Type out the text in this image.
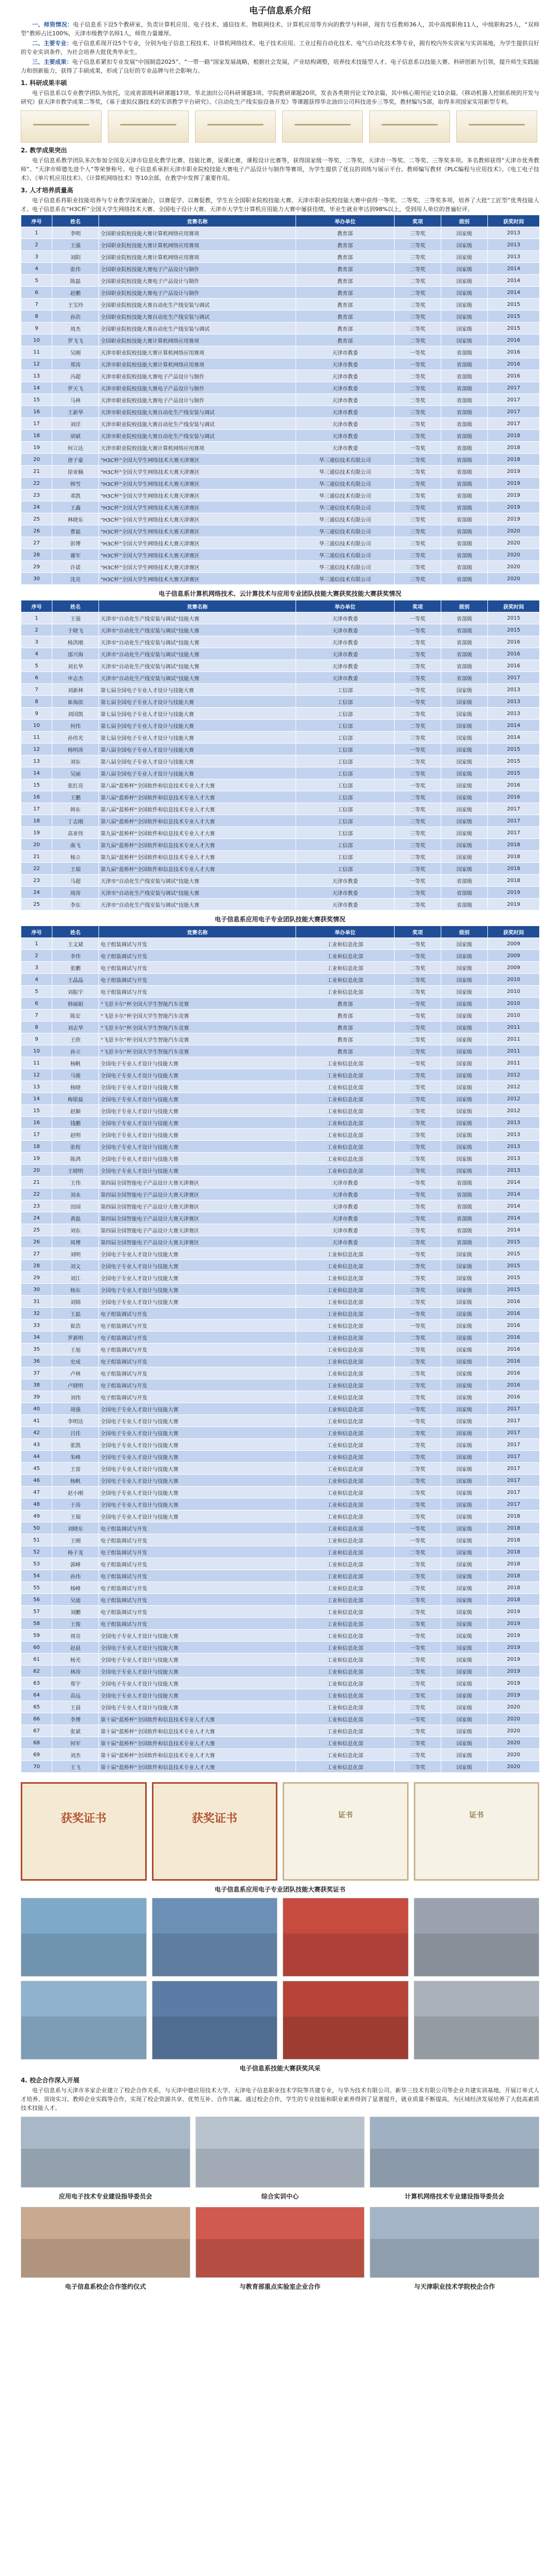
电子信息系介绍

一、师资情况：电子信息系下设5个教研室，负责计算机应用、电子技术、通信技术、物联网技术、计算机应用等方向的教学与科研，现有专任教师36人，其中高级职称11人，中级职称25人，“双师型”教师占比100%，天津市级教学名师1人，师资力量雄厚。

二、主要专业：电子信息系现开设5个专业，分别为电子信息工程技术、计算机网络技术、电子技术应用、工业过程自动化技术、电气自动化技术等专业，拥有校内外实训室与实训基地，为学生提供良好的专业实训条件，为社会培养大批优秀毕业生。

三、主要成果：电子信息系紧扣专业发展“中国制造2025”、“一带一路”国家发展战略，根据社会发展，产业结构调整，培养技术技能型人才。电子信息系以技能大赛、科研创新为引领，提升师生实践能力和创新能力，获得了丰硕成果，形成了良好的专业品牌与社会影响力。

1. 科研成果丰硕

电子信息系以专业教学团队为依托，完成省部级科研课题17项、华北油田公司科研课题3项、学院教研课题20项，发表各类期刊论文70余篇，其中核心期刊论文10余篇。《移动机器人控制系统的开发与研究》获天津市教学成果二等奖，《基于虚拟仪器技术的实训教学平台研究》、《自动化生产线实验设备开发》等课题获得华北油田公司科技进步三等奖，教材编写5部，取得多项国家实用新型专利。

2. 教学成果突出

电子信息系教学团队多次参加全国及天津市信息化教学比赛、技能比赛，说课比赛，课程设计比赛等，获得国家级一等奖、二等奖，天津市一等奖、二等奖、三等奖多项。多名教师获得“天津市优秀教师”、“天津市师德先进个人”等荣誉称号。电子信息系承担天津市职业院校技能大赛电子产品设计与制作等赛项，为学生提供了优良的训练与展示平台。教师编写教材《PLC编程与应用技术》、《电工电子技术》、《单片机应用技术》、《计算机网络技术》等10余部，在教学中发挥了重要作用。

3. 人才培养质量高

电子信息系将职业技能培养与专业教学深度融合，以赛促学、以赛促教，学生在全国职业院校技能大赛、天津市职业院校技能大赛中获得一等奖、二等奖、三等奖多项，培养了大批“工匠型”优秀技能人才。电子信息系在“H3C杯”全国大学生网络技术大赛、全国电子设计大赛、天津市大学生计算机应用能力大赛中屡获佳绩，毕业生就业率达到98%以上，受到用人单位的普遍好评。

序号	姓名	竞赛名称	举办单位	奖项	级别	获奖时间
1	李明	全国职业院校技能大赛计算机网络应用赛项	教育部	三等奖	国家级	2013
2	王强	全国职业院校技能大赛计算机网络应用赛项	教育部	三等奖	国家级	2013
3	刘阳	全国职业院校技能大赛计算机网络应用赛项	教育部	三等奖	国家级	2013
4	张伟	全国职业院校技能大赛电子产品设计与制作	教育部	二等奖	国家级	2014
5	陈磊	全国职业院校技能大赛电子产品设计与制作	教育部	二等奖	国家级	2014
6	赵鹏	全国职业院校技能大赛电子产品设计与制作	教育部	二等奖	国家级	2014
7	王宝玲	全国职业院校技能大赛自动化生产线安装与调试	教育部	三等奖	国家级	2015
8	孙浩	全国职业院校技能大赛自动化生产线安装与调试	教育部	三等奖	国家级	2015
9	周杰	全国职业院校技能大赛自动化生产线安装与调试	教育部	三等奖	国家级	2015
10	罗飞飞	全国职业院校技能大赛计算机网络应用赛项	教育部	二等奖	国家级	2016
11	吴刚	天津市职业院校技能大赛计算机网络应用赛项	天津市教委	一等奖	省部级	2016
12	郑涛	天津市职业院校技能大赛计算机网络应用赛项	天津市教委	一等奖	省部级	2016
13	冯超	天津市职业院校技能大赛电子产品设计与制作	天津市教委	二等奖	省部级	2016
14	罗天飞	天津市职业院校技能大赛电子产品设计与制作	天津市教委	二等奖	省部级	2017
15	马林	天津市职业院校技能大赛电子产品设计与制作	天津市教委	二等奖	省部级	2017
16	王新华	天津市职业院校技能大赛自动化生产线安装与调试	天津市教委	三等奖	省部级	2017
17	刘洋	天津市职业院校技能大赛自动化生产线安装与调试	天津市教委	三等奖	省部级	2017
18	胡斌	天津市职业院校技能大赛自动化生产线安装与调试	天津市教委	三等奖	省部级	2018
19	何立达	天津市职业院校技能大赛计算机网络应用赛项	天津市教委	一等奖	省部级	2018
20	唐子豪	“H3C杯”全国大学生网络技术大赛天津赛区	华三通信技术有限公司	二等奖	省部级	2018
21	徐亚楠	“H3C杯”全国大学生网络技术大赛天津赛区	华三通信技术有限公司	二等奖	省部级	2019
22	韩雪	“H3C杯”全国大学生网络技术大赛天津赛区	华三通信技术有限公司	二等奖	省部级	2019
23	邓凯	“H3C杯”全国大学生网络技术大赛天津赛区	华三通信技术有限公司	三等奖	省部级	2019
24	王鑫	“H3C杯”全国大学生网络技术大赛天津赛区	华三通信技术有限公司	三等奖	省部级	2019
25	林晓东	“H3C杯”全国大学生网络技术大赛天津赛区	华三通信技术有限公司	三等奖	省部级	2019
26	曹磊	“H3C杯”全国大学生网络技术大赛天津赛区	华三通信技术有限公司	三等奖	省部级	2020
27	彭博	“H3C杯”全国大学生网络技术大赛天津赛区	华三通信技术有限公司	三等奖	省部级	2020
28	谢军	“H3C杯”全国大学生网络技术大赛天津赛区	华三通信技术有限公司	三等奖	省部级	2020
29	许诺	“H3C杯”全国大学生网络技术大赛天津赛区	华三通信技术有限公司	三等奖	省部级	2020
30	沈亮	“H3C杯”全国大学生网络技术大赛天津赛区	华三通信技术有限公司	三等奖	省部级	2020
电子信息系计算机网络技术、云计算技术与应用专业团队技能大赛获奖技能大赛获奖情况
序号	姓名	竞赛名称	举办单位	奖项	级别	获奖时间
1	王强	天津市“自动化生产线安装与调试”技能大赛	天津市教委	一等奖	省部级	2015
2	于晓飞	天津市“自动化生产线安装与调试”技能大赛	天津市教委	一等奖	省部级	2015
3	杨洪刚	天津市“自动化生产线安装与调试”技能大赛	天津市教委	二等奖	省部级	2016
4	邵兴海	天津市“自动化生产线安装与调试”技能大赛	天津市教委	二等奖	省部级	2016
5	刘长华	天津市“自动化生产线安装与调试”技能大赛	天津市教委	三等奖	省部级	2016
6	申志杰	天津市“自动化生产线安装与调试”技能大赛	天津市教委	三等奖	省部级	2017
7	刘新林	第七届全国电子专业人才设计与技能大赛	工信部	一等奖	国家级	2013
8	崔海滨	第七届全国电子专业人才设计与技能大赛	工信部	一等奖	国家级	2013
9	刘国凯	第七届全国电子专业人才设计与技能大赛	工信部	二等奖	国家级	2013
10	何伟	第七届全国电子专业人才设计与技能大赛	工信部	二等奖	国家级	2014
11	孙伟光	第七届全国电子专业人才设计与技能大赛	工信部	三等奖	国家级	2014
12	杨明涛	第八届全国电子专业人才设计与技能大赛	工信部	一等奖	国家级	2015
13	刘东	第八届全国电子专业人才设计与技能大赛	工信部	二等奖	国家级	2015
14	吴丽	第八届全国电子专业人才设计与技能大赛	工信部	三等奖	国家级	2015
15	张红亮	第八届“蓝桥杯”全国软件和信息技术专业人才大赛	工信部	一等奖	国家级	2016
16	王鹏	第八届“蓝桥杯”全国软件和信息技术专业人才大赛	工信部	二等奖	国家级	2016
17	韩东	第八届“蓝桥杯”全国软件和信息技术专业人才大赛	工信部	二等奖	国家级	2017
18	丁志刚	第八届“蓝桥杯”全国软件和信息技术专业人才大赛	工信部	三等奖	国家级	2017
19	高亚伟	第九届“蓝桥杯”全国软件和信息技术专业人才大赛	工信部	三等奖	国家级	2017
20	曲飞	第九届“蓝桥杯”全国软件和信息技术专业人才大赛	工信部	三等奖	国家级	2018
21	杨立	第九届“蓝桥杯”全国软件和信息技术专业人才大赛	工信部	三等奖	国家级	2018
22	王瑞	第九届“蓝桥杯”全国软件和信息技术专业人才大赛	工信部	三等奖	国家级	2018
23	马超	天津市“自动化生产线安装与调试”技能大赛	天津市教委	一等奖	省部级	2018
24	周涛	天津市“自动化生产线安装与调试”技能大赛	天津市教委	二等奖	省部级	2019
25	李东	天津市“自动化生产线安装与调试”技能大赛	天津市教委	二等奖	省部级	2019
电子信息系应用电子专业团队技能大赛获奖情况
序号	姓名	竞赛名称	举办单位	奖项	级别	获奖时间
1	王文斌	电子组装调试与开发	工业和信息化部	一等奖	国家级	2009
2	李伟	电子组装调试与开发	工业和信息化部	一等奖	国家级	2009
3	张鹏	电子组装调试与开发	工业和信息化部	二等奖	国家级	2009
4	王晶晶	电子组装调试与开发	工业和信息化部	二等奖	国家级	2010
5	刘振宇	电子组装调试与开发	工业和信息化部	三等奖	国家级	2010
6	韩丽娟	“飞思卡尔”杯全国大学生智能汽车竞赛	教育部	一等奖	国家级	2010
7	陈宏	“飞思卡尔”杯全国大学生智能汽车竞赛	教育部	一等奖	国家级	2010
8	刘志华	“飞思卡尔”杯全国大学生智能汽车竞赛	教育部	二等奖	国家级	2011
9	王欣	“飞思卡尔”杯全国大学生智能汽车竞赛	教育部	二等奖	国家级	2011
10	孙立	“飞思卡尔”杯全国大学生智能汽车竞赛	教育部	三等奖	国家级	2011
11	杨帆	全国电子专业人才设计与技能大赛	工业和信息化部	一等奖	国家级	2011
12	马骏	全国电子专业人才设计与技能大赛	工业和信息化部	二等奖	国家级	2012
13	杨晓	全国电子专业人才设计与技能大赛	工业和信息化部	二等奖	国家级	2012
14	梅银磊	全国电子专业人才设计与技能大赛	工业和信息化部	三等奖	国家级	2012
15	赵颖	全国电子专业人才设计与技能大赛	工业和信息化部	三等奖	国家级	2012
16	钱鹏	全国电子专业人才设计与技能大赛	工业和信息化部	三等奖	国家级	2013
17	赵明	全国电子专业人才设计与技能大赛	工业和信息化部	三等奖	国家级	2013
18	张程	全国电子专业人才设计与技能大赛	工业和信息化部	三等奖	国家级	2013
19	陈鸿	全国电子专业人才设计与技能大赛	工业和信息化部	三等奖	国家级	2013
20	王晓明	全国电子专业人才设计与技能大赛	工业和信息化部	三等奖	国家级	2013
21	王伟	第四届全国智能电子产品设计大赛天津赛区	天津市教委	一等奖	省部级	2014
22	刘永	第四届全国智能电子产品设计大赛天津赛区	天津市教委	一等奖	省部级	2014
23	田园	第四届全国智能电子产品设计大赛天津赛区	天津市教委	二等奖	省部级	2014
24	黄磊	第四届全国智能电子产品设计大赛天津赛区	天津市教委	二等奖	省部级	2014
25	刘东	第四届全国智能电子产品设计大赛天津赛区	天津市教委	三等奖	省部级	2014
26	周博	第四届全国智能电子产品设计大赛天津赛区	天津市教委	三等奖	省部级	2015
27	刘明	全国电子专业人才设计与技能大赛	工业和信息化部	一等奖	国家级	2015
28	刘文	全国电子专业人才设计与技能大赛	工业和信息化部	二等奖	国家级	2015
29	刘江	全国电子专业人才设计与技能大赛	工业和信息化部	二等奖	国家级	2015
30	杨东	全国电子专业人才设计与技能大赛	工业和信息化部	三等奖	国家级	2015
31	刘锦	全国电子专业人才设计与技能大赛	工业和信息化部	三等奖	国家级	2016
32	王磊	电子组装调试与开发	工业和信息化部	一等奖	国家级	2016
33	崔浩	电子组装调试与开发	工业和信息化部	一等奖	国家级	2016
34	罗新明	电子组装调试与开发	工业和信息化部	二等奖	国家级	2016
35	王旭	电子组装调试与开发	工业和信息化部	二等奖	国家级	2016
36	史成	电子组装调试与开发	工业和信息化部	三等奖	国家级	2016
37	卢林	电子组装调试与开发	工业和信息化部	三等奖	国家级	2016
38	卢晓明	电子组装调试与开发	工业和信息化部	三等奖	国家级	2016
39	刘伟	电子组装调试与开发	工业和信息化部	三等奖	国家级	2016
40	周强	全国电子专业人才设计与技能大赛	工业和信息化部	一等奖	国家级	2017
41	李明达	全国电子专业人才设计与技能大赛	工业和信息化部	一等奖	国家级	2017
42	吕佳	全国电子专业人才设计与技能大赛	工业和信息化部	二等奖	国家级	2017
43	张凯	全国电子专业人才设计与技能大赛	工业和信息化部	二等奖	国家级	2017
44	朱峰	全国电子专业人才设计与技能大赛	工业和信息化部	三等奖	国家级	2017
45	王雷	全国电子专业人才设计与技能大赛	工业和信息化部	三等奖	国家级	2017
46	杨帆	全国电子专业人才设计与技能大赛	工业和信息化部	三等奖	国家级	2017
47	赵小刚	全国电子专业人才设计与技能大赛	工业和信息化部	三等奖	国家级	2017
48	于涛	全国电子专业人才设计与技能大赛	工业和信息化部	三等奖	国家级	2017
49	王瑞	全国电子专业人才设计与技能大赛	工业和信息化部	三等奖	国家级	2018
50	刘晓东	电子组装调试与开发	工业和信息化部	一等奖	国家级	2018
51	王刚	电子组装调试与开发	工业和信息化部	一等奖	国家级	2018
52	杨子龙	电子组装调试与开发	工业和信息化部	二等奖	国家级	2018
53	郭峰	电子组装调试与开发	工业和信息化部	二等奖	国家级	2018
54	孙伟	电子组装调试与开发	工业和信息化部	三等奖	国家级	2018
55	杨峰	电子组装调试与开发	工业和信息化部	三等奖	国家级	2018
56	吴迪	电子组装调试与开发	工业和信息化部	三等奖	国家级	2018
57	刘鹏	电子组装调试与开发	工业和信息化部	三等奖	国家级	2019
58	王俊	电子组装调试与开发	工业和信息化部	三等奖	国家级	2019
59	周亮	全国电子专业人才设计与技能大赛	工业和信息化部	一等奖	国家级	2019
60	赵晨	全国电子专业人才设计与技能大赛	工业和信息化部	一等奖	国家级	2019
61	杨光	全国电子专业人才设计与技能大赛	工业和信息化部	二等奖	国家级	2019
62	林涛	全国电子专业人才设计与技能大赛	工业和信息化部	二等奖	国家级	2019
63	郑宇	全国电子专业人才设计与技能大赛	工业和信息化部	三等奖	国家级	2019
64	高远	全国电子专业人才设计与技能大赛	工业和信息化部	三等奖	国家级	2019
65	王晨	全国电子专业人才设计与技能大赛	工业和信息化部	三等奖	国家级	2020
66	李博	第十届“蓝桥杯”全国软件和信息技术专业人才大赛	工业和信息化部	一等奖	国家级	2020
67	张斌	第十届“蓝桥杯”全国软件和信息技术专业人才大赛	工业和信息化部	二等奖	国家级	2020
68	何军	第十届“蓝桥杯”全国软件和信息技术专业人才大赛	工业和信息化部	三等奖	国家级	2020
69	刘杰	第十届“蓝桥杯”全国软件和信息技术专业人才大赛	工业和信息化部	三等奖	国家级	2020
70	王飞	第十届“蓝桥杯”全国软件和信息技术专业人才大赛	工业和信息化部	三等奖	国家级	2020
获奖证书	获奖证书	证书	证书
电子信息系应用电子专业团队技能大赛获奖证书
电子信息系技能大赛获奖风采
4. 校企合作深入开展

电子信息系与天津市多家企业建立了校企合作关系，与天津中德应用技术大学、天津电子信息职业技术学院等共建专业，与华为技术有限公司、新华三技术有限公司等企业共建实训基地，开展订单式人才培养、顶岗实习、教师企业实践等合作，实现了校企资源共享、优势互补、合作共赢。通过校企合作，学生的专业技能和职业素养得到了显著提升，就业质量不断提高，为区域经济发展培养了大批高素质技术技能人才。

应用电子技术专业建设指导委员会	综合实训中心	计算机网络技术专业建设指导委员会
电子信息系校企合作签约仪式	与教育部重点实验室企业合作	与天津职业技术学院校企合作
